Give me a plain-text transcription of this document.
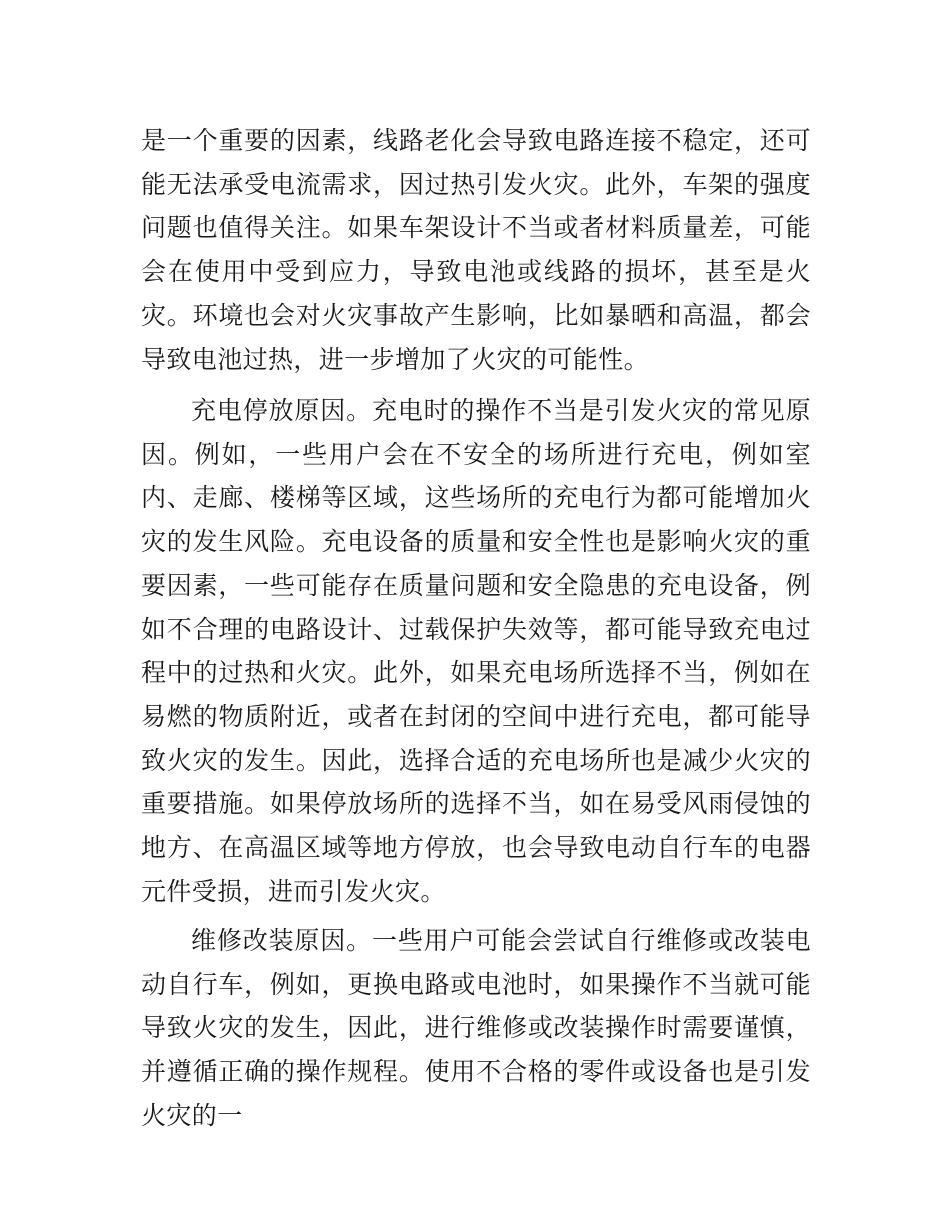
是一个重要的因素，线路老化会导致电路连接不稳定，还可能无法承受电流需求，因过热引发火灾。此外，车架的强度问题也值得关注。如果车架设计不当或者材料质量差，可能会在使用中受到应力，导致电池或线路的损坏，甚至是火灾。环境也会对火灾事故产生影响，比如暴晒和高温，都会导致电池过热，进一步增加了火灾的可能性。

充电停放原因。充电时的操作不当是引发火灾的常见原因。例如，一些用户会在不安全的场所进行充电，例如室内、走廊、楼梯等区域，这些场所的充电行为都可能增加火灾的发生风险。充电设备的质量和安全性也是影响火灾的重要因素，一些可能存在质量问题和安全隐患的充电设备，例如不合理的电路设计、过载保护失效等，都可能导致充电过程中的过热和火灾。此外，如果充电场所选择不当，例如在易燃的物质附近，或者在封闭的空间中进行充电，都可能导致火灾的发生。因此，选择合适的充电场所也是减少火灾的重要措施。如果停放场所的选择不当，如在易受风雨侵蚀的地方、在高温区域等地方停放，也会导致电动自行车的电器元件受损，进而引发火灾。

维修改装原因。一些用户可能会尝试自行维修或改装电动自行车，例如，更换电路或电池时，如果操作不当就可能导致火灾的发生，因此，进行维修或改装操作时需要谨慎，并遵循正确的操作规程。使用不合格的零件或设备也是引发火灾的一
